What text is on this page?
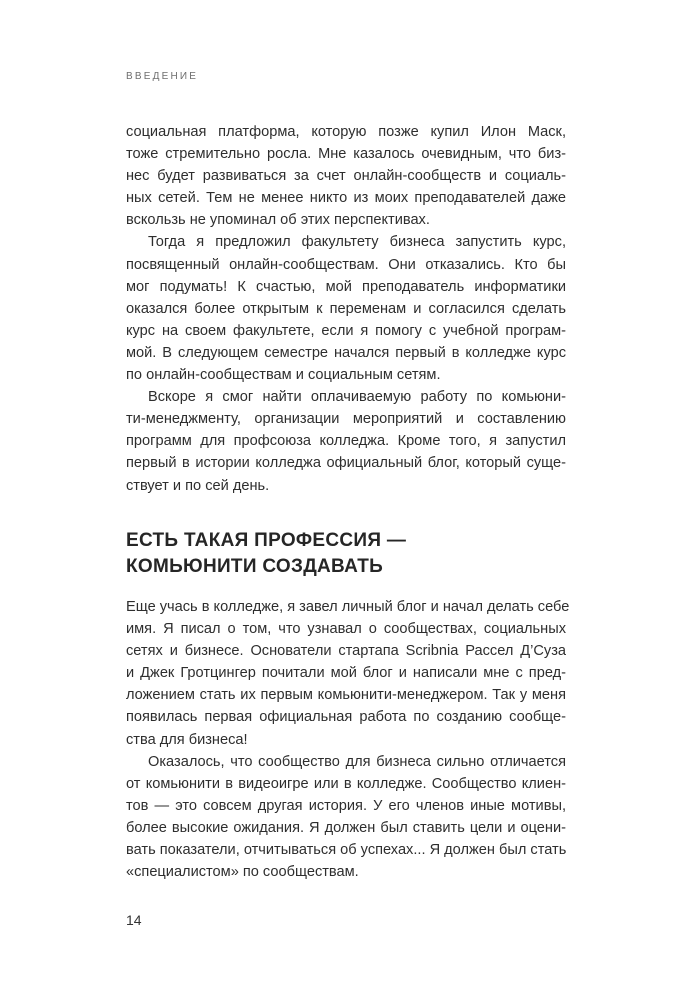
ВВЕДЕНИЕ
социальная платформа, которую позже купил Илон Маск,
тоже стремительно росла. Мне казалось очевидным, что биз-
нес будет развиваться за счет онлайн-сообществ и социаль-
ных сетей. Тем не менее никто из моих преподавателей даже
вскользь не упоминал об этих перспективах.
Тогда я предложил факультету бизнеса запустить курс,
посвященный онлайн-сообществам. Они отказались. Кто бы
мог подумать! К счастью, мой преподаватель информатики
оказался более открытым к переменам и согласился сделать
курс на своем факультете, если я помогу с учебной програм-
мой. В следующем семестре начался первый в колледже курс
по онлайн-сообществам и социальным сетям.
Вскоре я смог найти оплачиваемую работу по комьюни-
ти-менеджменту, организации мероприятий и составлению
программ для профсоюза колледжа. Кроме того, я запустил
первый в истории колледжа официальный блог, который суще-
ствует и по сей день.
ЕСТЬ ТАКАЯ ПРОФЕССИЯ —
КОМЬЮНИТИ СОЗДАВАТЬ
Еще учась в колледже, я завел личный блог и начал делать себе
имя. Я писал о том, что узнавал о сообществах, социальных
сетях и бизнесе. Основатели стартапа Scribnia Рассел Д’Суза
и Джек Гротцингер почитали мой блог и написали мне с пред-
ложением стать их первым комьюнити-менеджером. Так у меня
появилась первая официальная работа по созданию сообще-
ства для бизнеса!
Оказалось, что сообщество для бизнеса сильно отличается
от комьюнити в видеоигре или в колледже. Сообщество клиен-
тов — это совсем другая история. У его членов иные мотивы,
более высокие ожидания. Я должен был ставить цели и оцени-
вать показатели, отчитываться об успехах... Я должен был стать
«специалистом» по сообществам.
14
